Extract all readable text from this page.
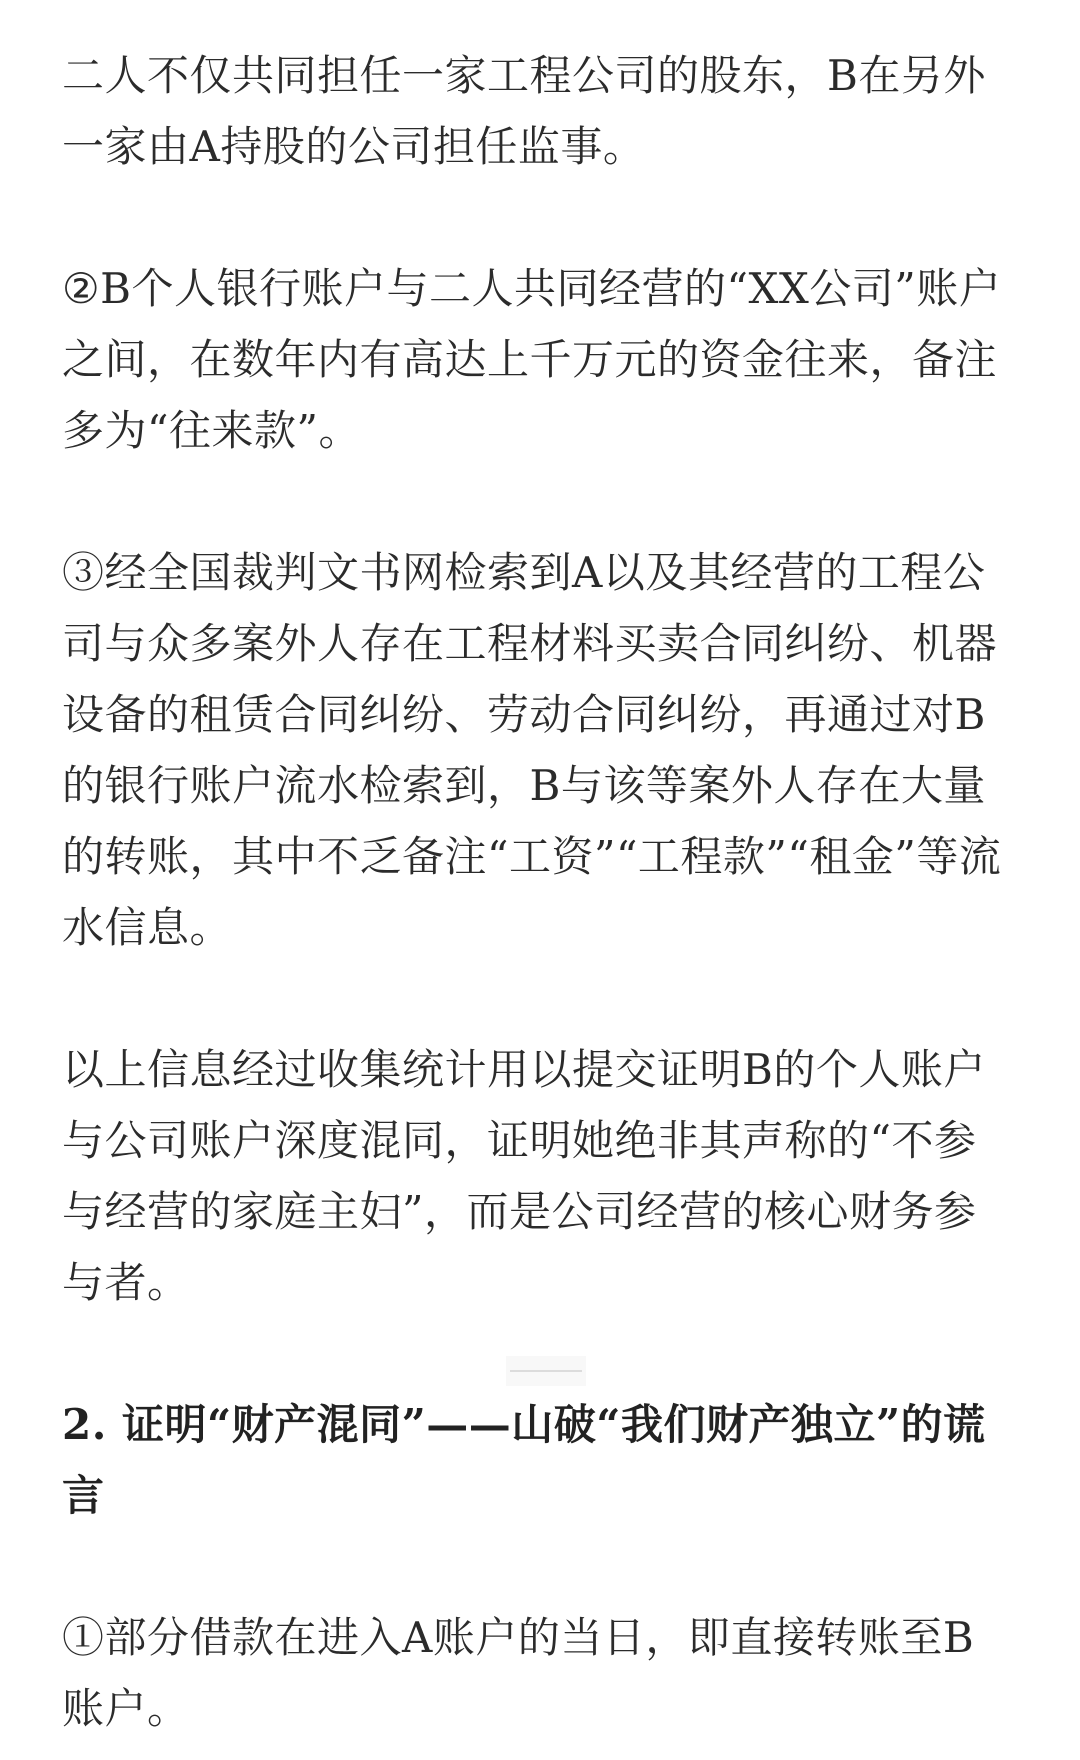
二人不仅共同担任一家工程公司的股东，B在另外一家由A持股的公司担任监事。

②B个人银行账户与二人共同经营的“XX公司”账户之间，在数年内有高达上千万元的资金往来，备注多为“往来款”。

③经全国裁判文书网检索到A以及其经营的工程公司与众多案外人存在工程材料买卖合同纠纷、机器设备的租赁合同纠纷、劳动合同纠纷，再通过对B的银行账户流水检索到，B与该等案外人存在大量的转账，其中不乏备注“工资”“工程款”“租金”等流水信息。

以上信息经过收集统计用以提交证明B的个人账户与公司账户深度混同，证明她绝非其声称的“不参与经营的家庭主妇”，而是公司经营的核心财务参与者。

2. 证明“财产混同”——山破“我们财产独立”的谎言

①部分借款在进入A账户的当日，即直接转账至B账户。
